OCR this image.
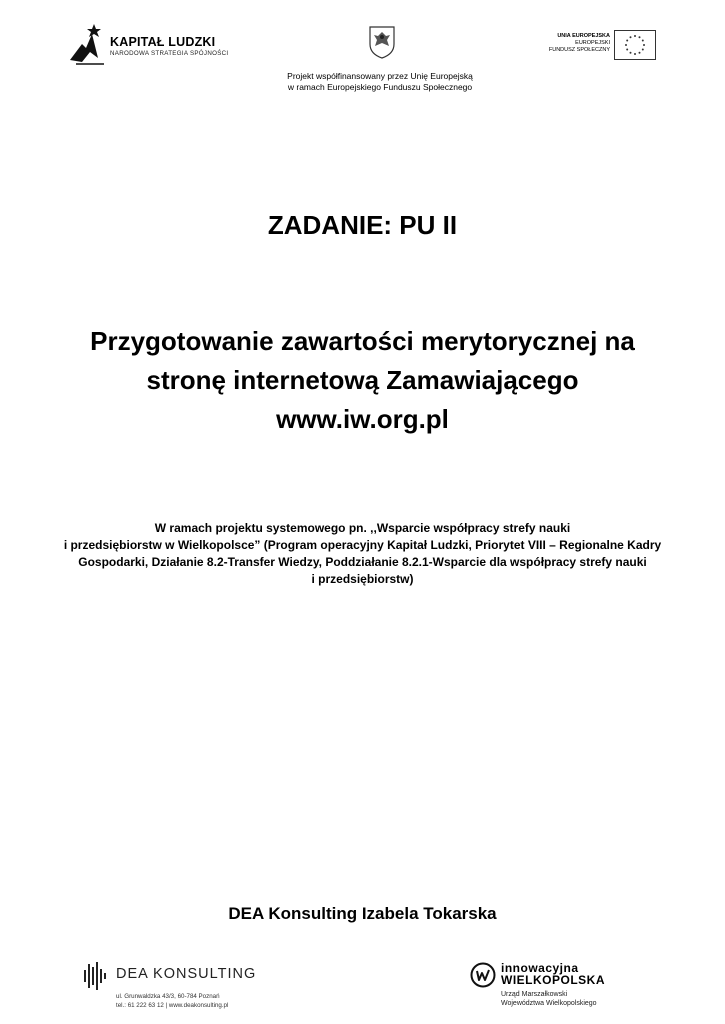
KAPITAŁ LUDZKI
NARODOWA STRATEGIA SPÓJNOŚCI
Projekt współfinansowany przez Unię Europejską
w ramach Europejskiego Funduszu Społecznego
UNIA EUROPEJSKA
EUROPEJSKI
FUNDUSZ SPOŁECZNY
ZADANIE: PU II
Przygotowanie zawartości merytorycznej na
stronę internetową Zamawiającego
www.iw.org.pl
W ramach projektu systemowego pn. ,,Wsparcie współpracy strefy nauki
i przedsiębiorstw w Wielkopolsce” (Program operacyjny Kapitał Ludzki, Priorytet VIII – Regionalne Kadry
Gospodarki, Działanie 8.2-Transfer Wiedzy, Poddziałanie 8.2.1-Wsparcie dla współpracy strefy nauki
i przedsiębiorstw)
DEA Konsulting Izabela Tokarska
DEA KONSULTING
ul. Grunwaldzka 43/3, 60-784 Poznań
tel.: 61 222 63 12 | www.deakonsulting.pl
innowacyjna
WIELKOPOLSKA
Urząd Marszałkowski
Województwa Wielkopolskiego
